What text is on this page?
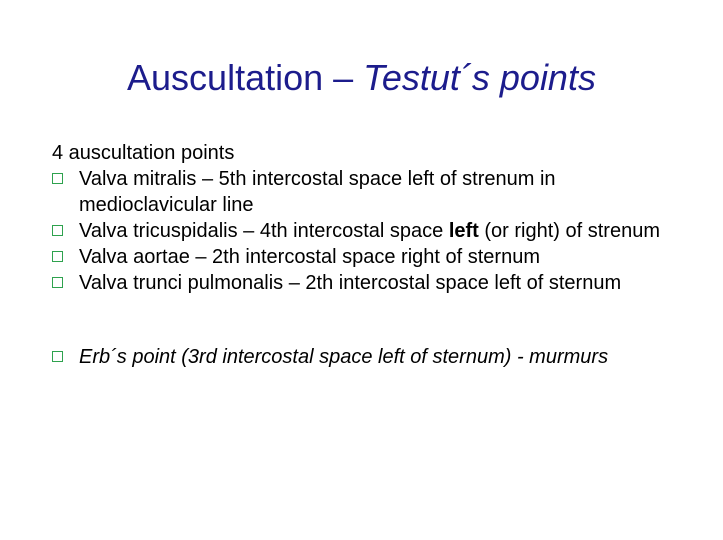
Auscultation – Testut´s points
4 auscultation points
Valva mitralis – 5th intercostal space left of strenum in medioclavicular line
Valva tricuspidalis – 4th intercostal space left (or right) of strenum
Valva aortae – 2th intercostal space right of sternum
Valva trunci pulmonalis – 2th intercostal space left of sternum
Erb´s point (3rd intercostal space left of sternum) - murmurs
